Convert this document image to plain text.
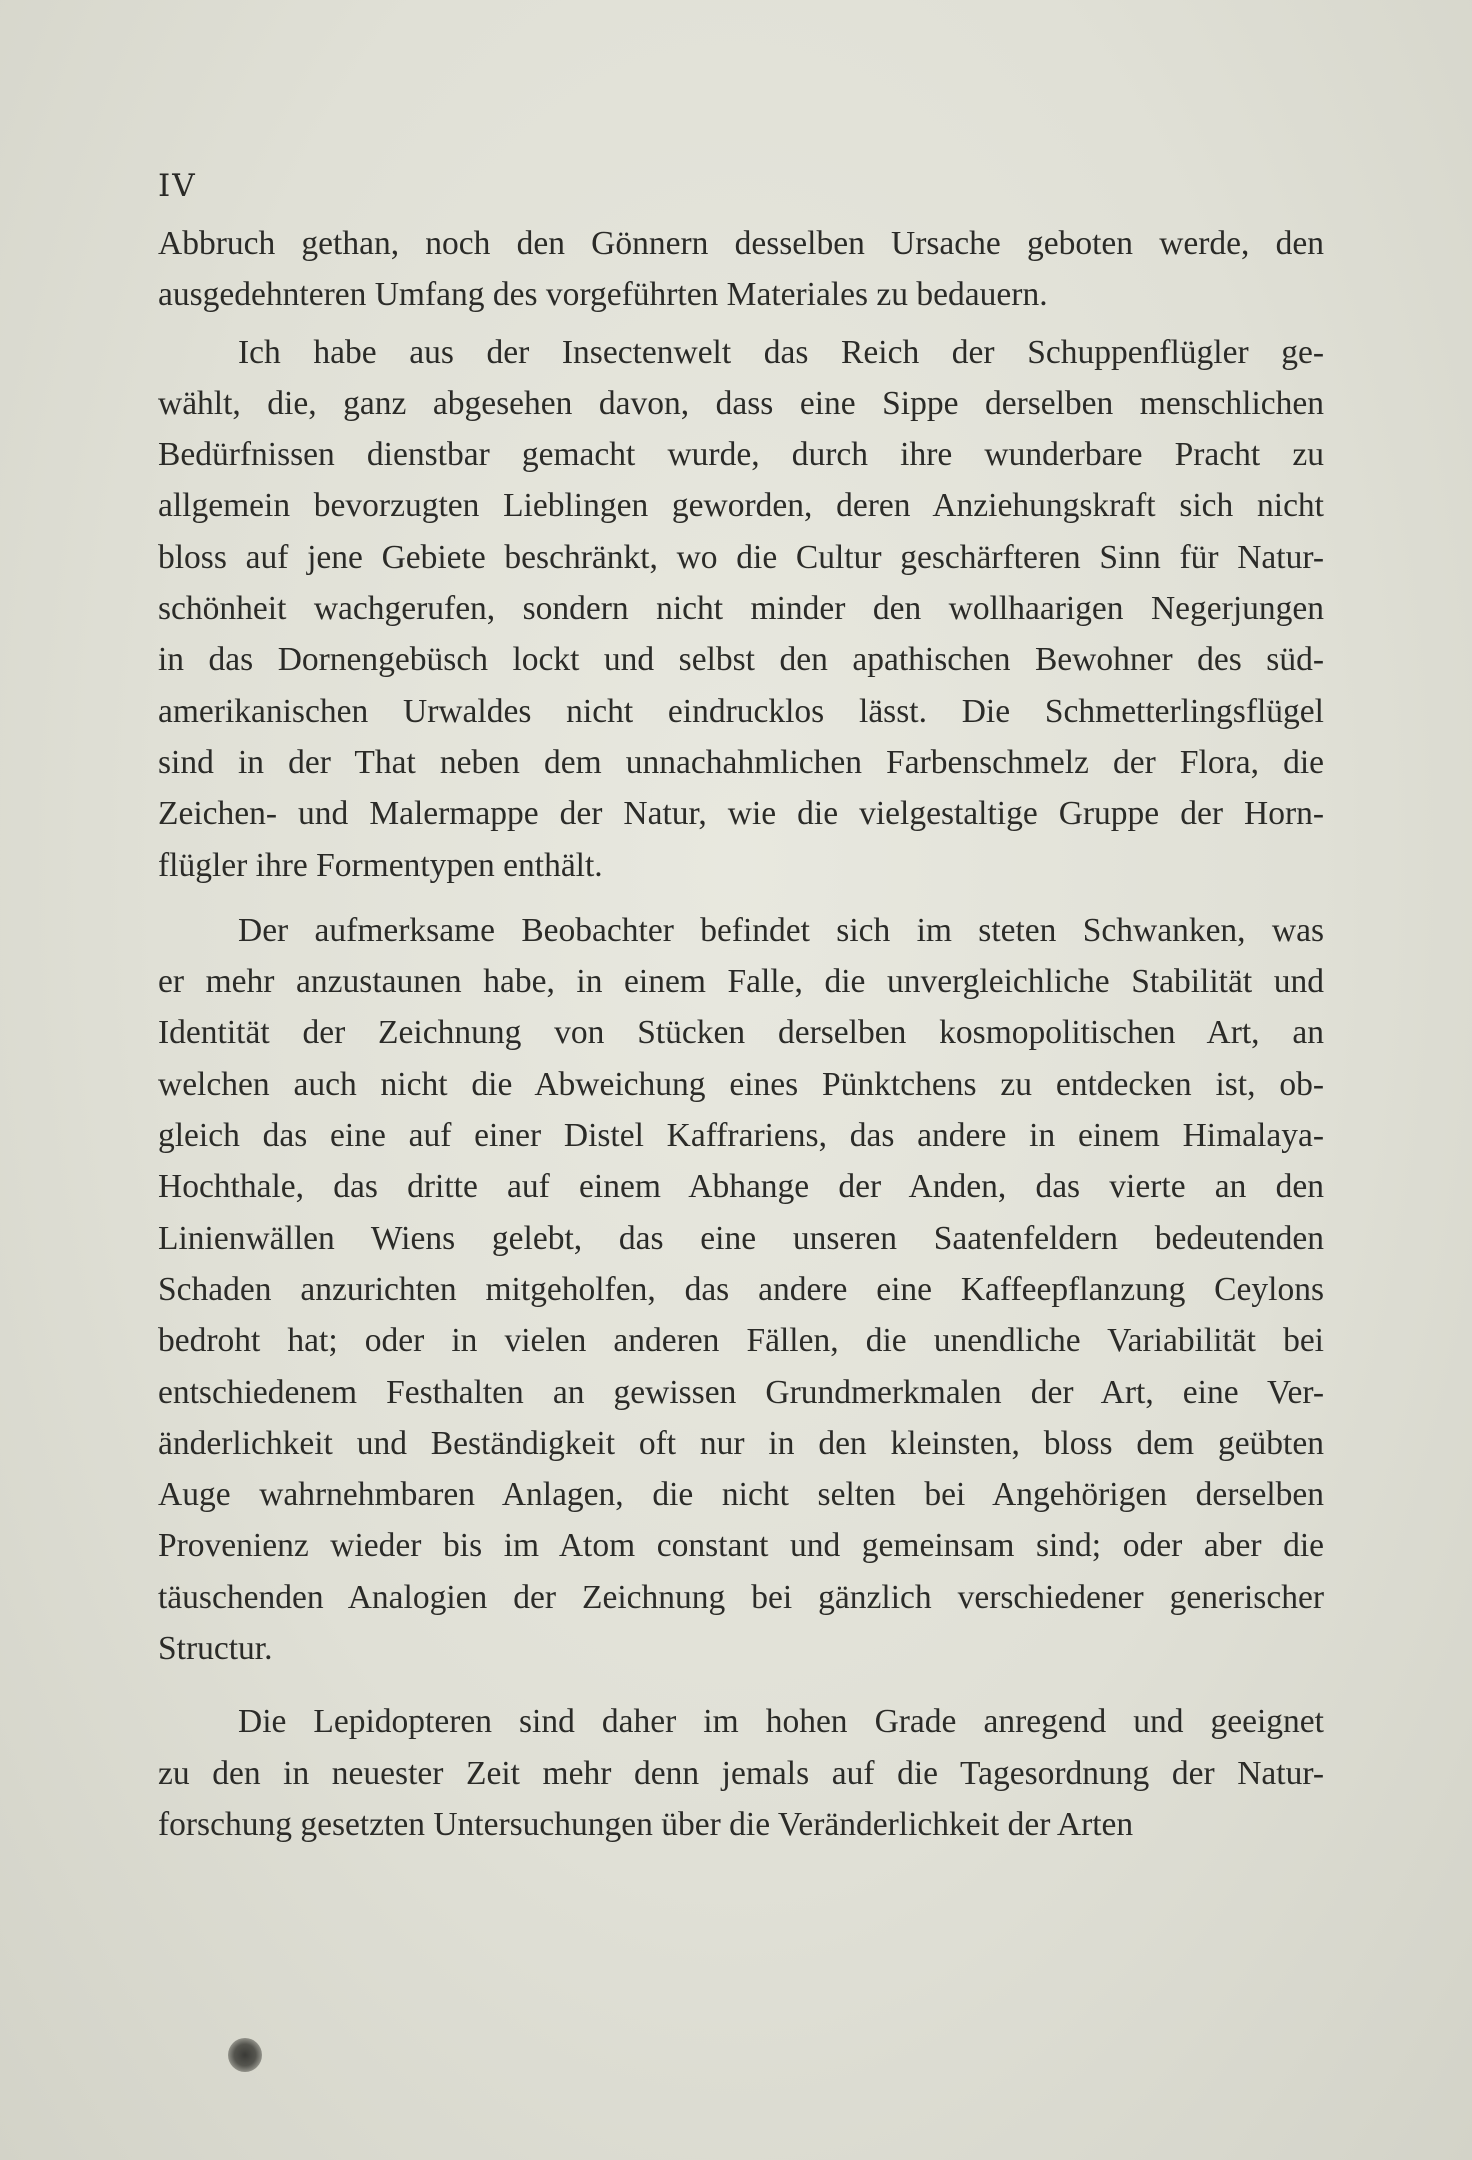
IV
Abbruch gethan, noch den Gönnern desselben Ursache geboten werde, den
ausgedehnteren Umfang des vorgeführten Materiales zu bedauern.
Ich habe aus der Insectenwelt das Reich der Schuppenflügler ge-
wählt, die, ganz abgesehen davon, dass eine Sippe derselben menschlichen
Bedürfnissen dienstbar gemacht wurde, durch ihre wunderbare Pracht zu
allgemein bevorzugten Lieblingen geworden, deren Anziehungskraft sich nicht
bloss auf jene Gebiete beschränkt, wo die Cultur geschärfteren Sinn für Natur-
schönheit wachgerufen, sondern nicht minder den wollhaarigen Negerjungen
in das Dornengebüsch lockt und selbst den apathischen Bewohner des süd-
amerikanischen Urwaldes nicht eindrucklos lässt. Die Schmetterlingsflügel
sind in der That neben dem unnachahmlichen Farbenschmelz der Flora, die
Zeichen- und Malermappe der Natur, wie die vielgestaltige Gruppe der Horn-
flügler ihre Formentypen enthält.
Der aufmerksame Beobachter befindet sich im steten Schwanken, was
er mehr anzustaunen habe, in einem Falle, die unvergleichliche Stabilität und
Identität der Zeichnung von Stücken derselben kosmopolitischen Art, an
welchen auch nicht die Abweichung eines Pünktchens zu entdecken ist, ob-
gleich das eine auf einer Distel Kaffrariens, das andere in einem Himalaya-
Hochthale, das dritte auf einem Abhange der Anden, das vierte an den
Linienwällen Wiens gelebt, das eine unseren Saatenfeldern bedeutenden
Schaden anzurichten mitgeholfen, das andere eine Kaffeepflanzung Ceylons
bedroht hat; oder in vielen anderen Fällen, die unendliche Variabilität bei
entschiedenem Festhalten an gewissen Grundmerkmalen der Art, eine Ver-
änderlichkeit und Beständigkeit oft nur in den kleinsten, bloss dem geübten
Auge wahrnehmbaren Anlagen, die nicht selten bei Angehörigen derselben
Provenienz wieder bis im Atom constant und gemeinsam sind; oder aber die
täuschenden Analogien der Zeichnung bei gänzlich verschiedener generischer
Structur.
Die Lepidopteren sind daher im hohen Grade anregend und geeignet
zu den in neuester Zeit mehr denn jemals auf die Tagesordnung der Natur-
forschung gesetzten Untersuchungen über die Veränderlichkeit der Arten
